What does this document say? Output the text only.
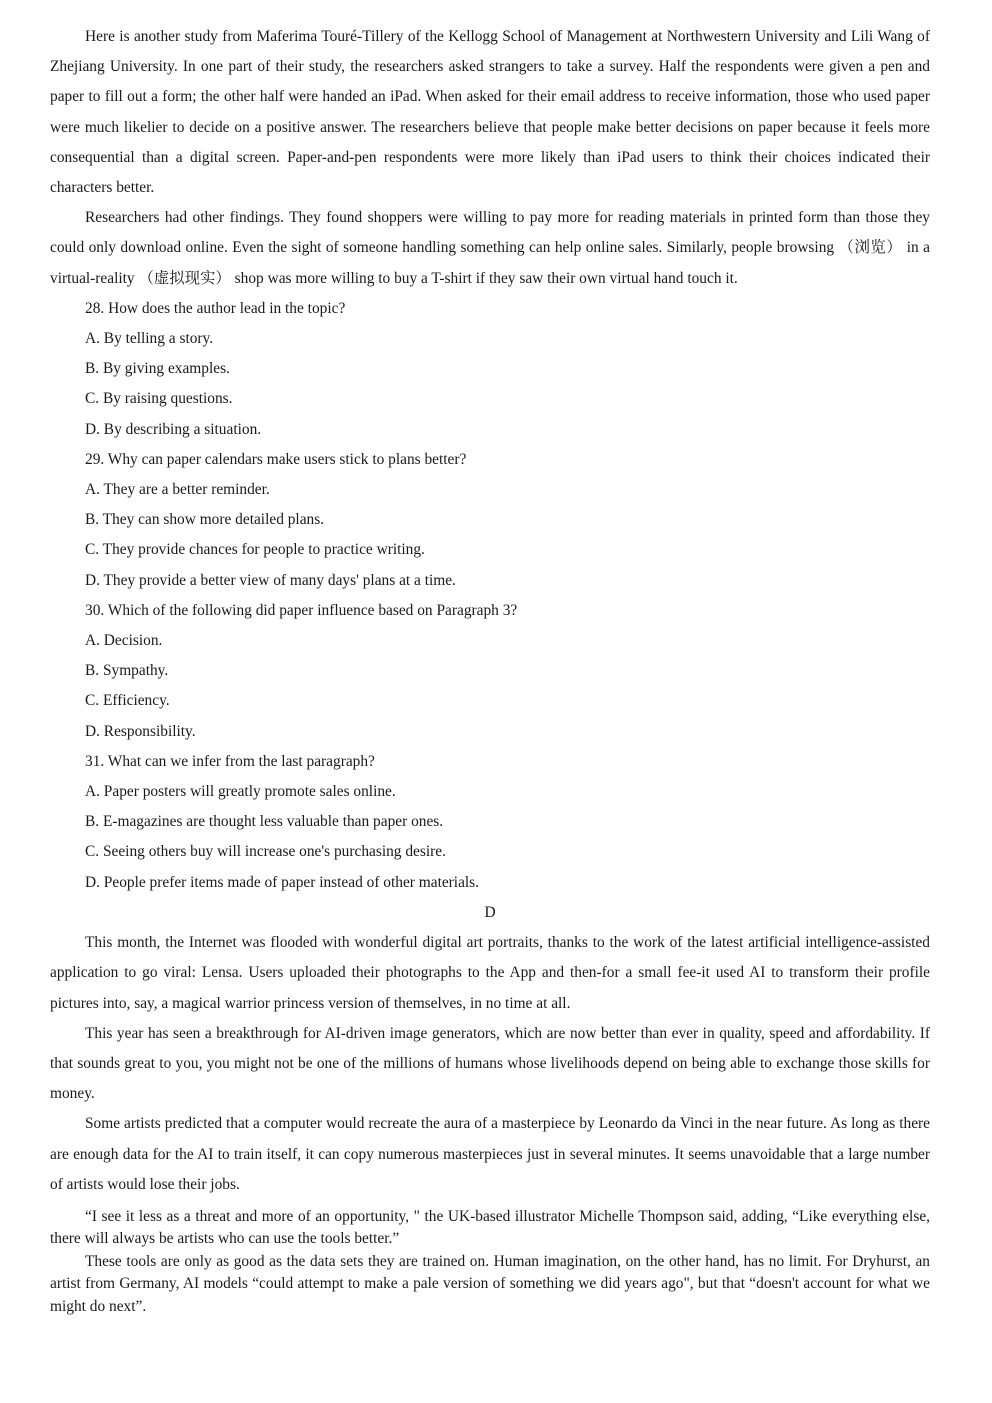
Here is another study from Maferima Touré-Tillery of the Kellogg School of Management at Northwestern University and Lili Wang of Zhejiang University. In one part of their study, the researchers asked strangers to take a survey. Half the respondents were given a pen and paper to fill out a form; the other half were handed an iPad. When asked for their email address to receive information, those who used paper were much likelier to decide on a positive answer. The researchers believe that people make better decisions on paper because it feels more consequential than a digital screen. Paper-and-pen respondents were more likely than iPad users to think their choices indicated their characters better.

Researchers had other findings. They found shoppers were willing to pay more for reading materials in printed form than those they could only download online. Even the sight of someone handling something can help online sales. Similarly, people browsing （浏览） in a virtual-reality （虚拟现实） shop was more willing to buy a T-shirt if they saw their own virtual hand touch it.

28. How does the author lead in the topic?

A. By telling a story.

B. By giving examples.

C. By raising questions.

D. By describing a situation.

29. Why can paper calendars make users stick to plans better?

A. They are a better reminder.

B. They can show more detailed plans.

C. They provide chances for people to practice writing.

D. They provide a better view of many days' plans at a time.

30. Which of the following did paper influence based on Paragraph 3?

A. Decision.

B. Sympathy.

C. Efficiency.

D. Responsibility.

31. What can we infer from the last paragraph?

A. Paper posters will greatly promote sales online.

B. E-magazines are thought less valuable than paper ones.

C. Seeing others buy will increase one's purchasing desire.

D. People prefer items made of paper instead of other materials.

D

This month, the Internet was flooded with wonderful digital art portraits, thanks to the work of the latest artificial intelligence-assisted application to go viral: Lensa. Users uploaded their photographs to the App and then-for a small fee-it used AI to transform their profile pictures into, say, a magical warrior princess version of themselves, in no time at all.

This year has seen a breakthrough for AI-driven image generators, which are now better than ever in quality, speed and affordability. If that sounds great to you, you might not be one of the millions of humans whose livelihoods depend on being able to exchange those skills for money.

Some artists predicted that a computer would recreate the aura of a masterpiece by Leonardo da Vinci in the near future. As long as there are enough data for the AI to train itself, it can copy numerous masterpieces just in several minutes. It seems unavoidable that a large number of artists would lose their jobs.

“I see it less as a threat and more of an opportunity, " the UK-based illustrator Michelle Thompson said, adding, “Like everything else, there will always be artists who can use the tools better.”

These tools are only as good as the data sets they are trained on. Human imagination, on the other hand, has no limit. For Dryhurst, an artist from Germany, AI models “could attempt to make a pale version of something we did years ago", but that “doesn't account for what we might do next”.
